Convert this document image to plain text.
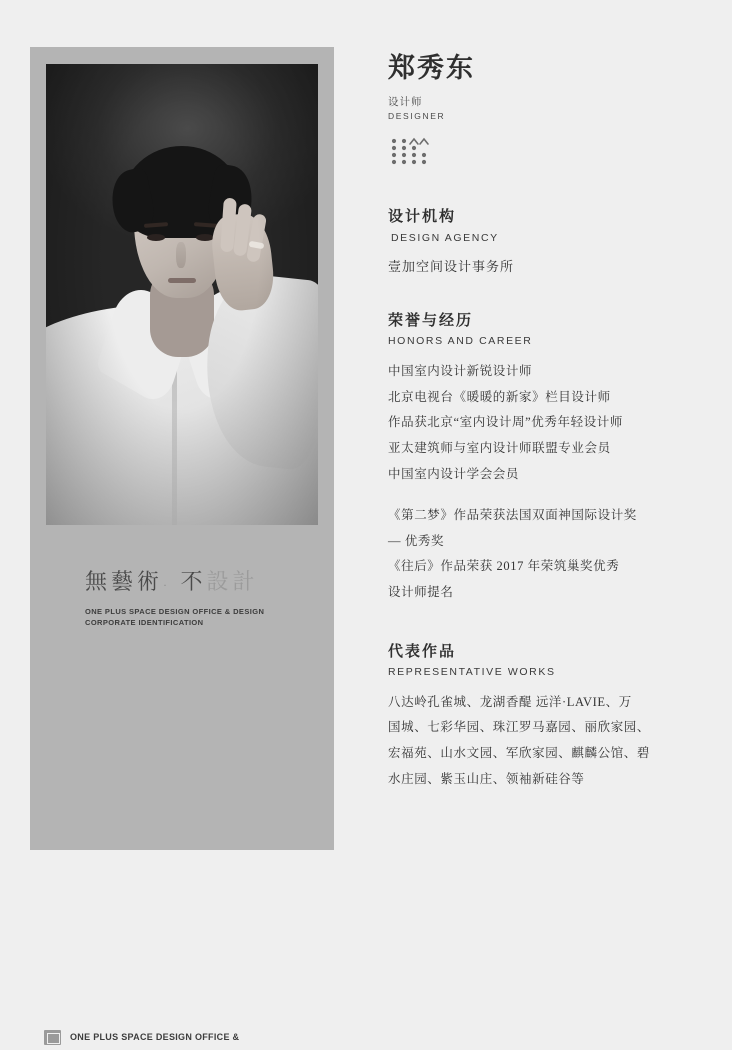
無藝術· 不設計
ONE PLUS SPACE DESIGN OFFICE & DESIGN
CORPORATE IDENTIFICATION
郑秀东
设计师
DESIGNER
设计机构
DESIGN AGENCY
壹加空间设计事务所
荣誉与经历
HONORS AND CAREER

中国室内设计新锐设计师

北京电视台《暖暖的新家》栏目设计师

作品获北京“室内设计周”优秀年轻设计师

亚太建筑师与室内设计师联盟专业会员

中国室内设计学会会员

《第二梦》作品荣获法国双面神国际设计奖

— 优秀奖

《往后》作品荣获 2017 年荣筑巢奖优秀

设计师提名

代表作品
REPRESENTATIVE WORKS

八达岭孔雀城、龙湖香醍 远洋·LAVIE、万

国城、七彩华园、珠江罗马嘉园、丽欣家园、

宏福苑、山水文园、军欣家园、麒麟公馆、碧

水庄园、紫玉山庄、领袖新硅谷等

ONE PLUS SPACE DESIGN OFFICE &
